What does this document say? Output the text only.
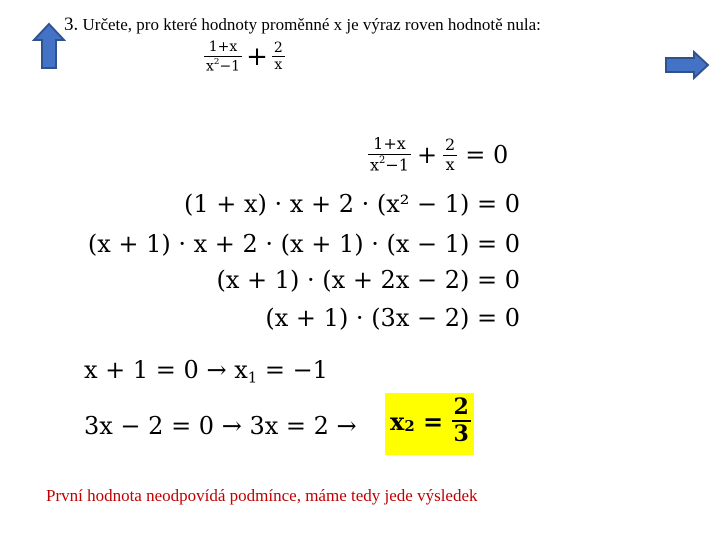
3. Určete, pro které hodnoty proměnné x je výraz roven hodnotě nula:
$\frac{1+x}{x^2-1} + \frac{2}{x}$
$\frac{1+x}{x^2-1} + \frac{2}{x} = 0$
(1 + x) · x + 2 · (x² − 1) = 0
(x + 1) · x + 2 · (x + 1) · (x − 1) = 0
(x + 1) · (x + 2x − 2) = 0
(x + 1) · (3x − 2) = 0
$x + 1 = 0 \to x_1 = -1$
$3x - 2 = 0 \to 3x = 2 \to x_2 = \frac{2}{3}$
První hodnota neodpovídá podmínce, máme tedy jede výsledek
